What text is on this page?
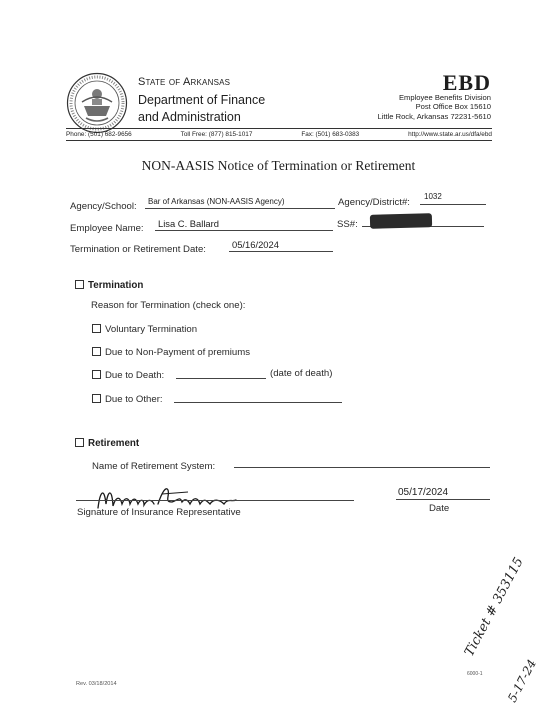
State of Arkansas
Department of Finance and Administration
EBD
Employee Benefits Division
Post Office Box 15610
Little Rock, Arkansas 72231-5610
Phone: (501) 682-9656	Toll Free: (877) 815-1017	Fax: (501) 683-0383	http://www.state.ar.us/dfa/ebd
NON-AASIS Notice of Termination or Retirement
Agency/School: Bar of Arkansas (NON-AASIS Agency)	Agency/District#:
1032
Employee Name: Lisa C. Ballard	SS#:
Termination or Retirement Date:	05/16/2024
Termination
Reason for Termination (check one):
Voluntary Termination
Due to Non-Payment of premiums
Due to Death:	(date of death)
Due to Other:
Retirement
Name of Retirement System:
Signature of Insurance Representative
05/17/2024
Date
Rev. 03/18/2014
6000-1
Ticket # 353115
5-17-24
